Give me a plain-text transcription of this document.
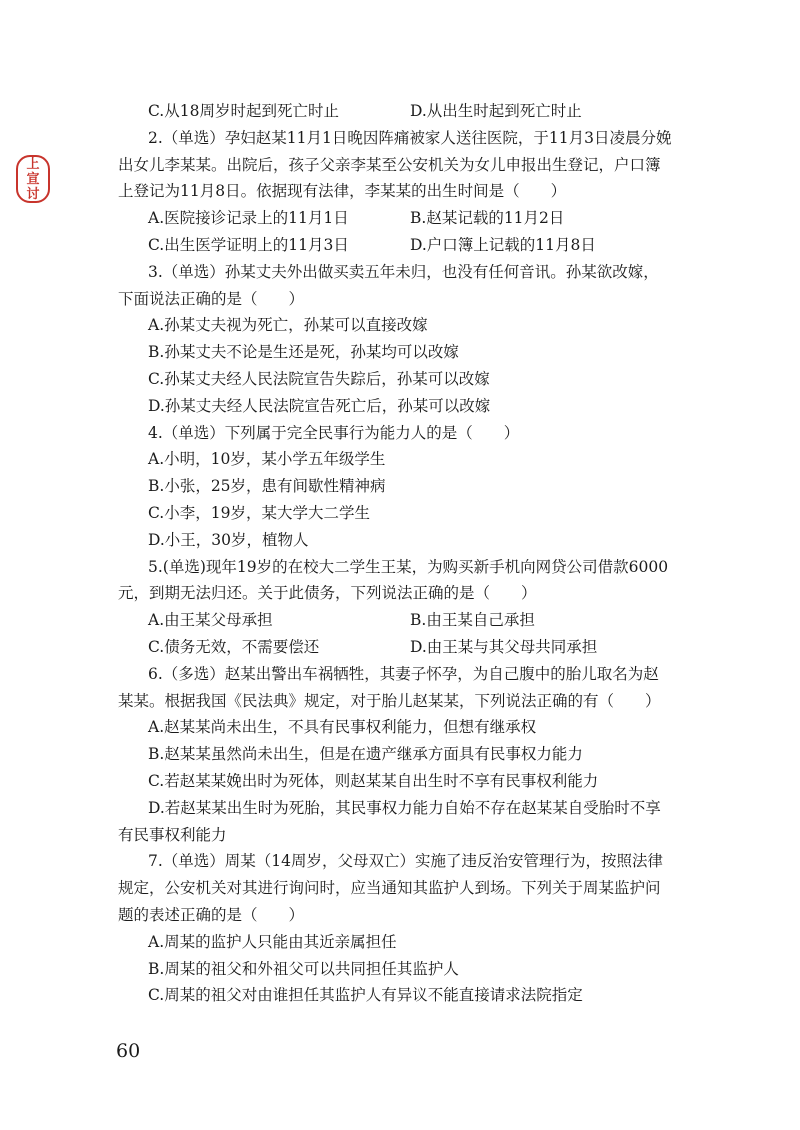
上
宣
讨
C.从18周岁时起到死亡时止	D.从出生时起到死亡时止
2.（单选）孕妇赵某11月1日晚因阵痛被家人送往医院，于11月3日凌晨分娩
出女儿李某某。出院后，孩子父亲李某至公安机关为女儿申报出生登记，户口簿
上登记为11月8日。依据现有法律，李某某的出生时间是（　　）
A.医院接诊记录上的11月1日	B.赵某记载的11月2日
C.出生医学证明上的11月3日	D.户口簿上记载的11月8日
3.（单选）孙某丈夫外出做买卖五年未归，也没有任何音讯。孙某欲改嫁，
下面说法正确的是（　　）
A.孙某丈夫视为死亡，孙某可以直接改嫁
B.孙某丈夫不论是生还是死，孙某均可以改嫁
C.孙某丈夫经人民法院宣告失踪后，孙某可以改嫁
D.孙某丈夫经人民法院宣告死亡后，孙某可以改嫁
4.（单选）下列属于完全民事行为能力人的是（　　）
A.小明，10岁，某小学五年级学生
B.小张，25岁，患有间歇性精神病
C.小李，19岁，某大学大二学生
D.小王，30岁，植物人
5.(单选)现年19岁的在校大二学生王某，为购买新手机向网贷公司借款6000
元，到期无法归还。关于此债务，下列说法正确的是（　　）
A.由王某父母承担	B.由王某自己承担
C.债务无效，不需要偿还	D.由王某与其父母共同承担
6.（多选）赵某出警出车祸牺牲，其妻子怀孕，为自己腹中的胎儿取名为赵
某某。根据我国《民法典》规定，对于胎儿赵某某，下列说法正确的有（　　）
A.赵某某尚未出生，不具有民事权利能力，但想有继承权
B.赵某某虽然尚未出生，但是在遗产继承方面具有民事权力能力
C.若赵某某娩出时为死体，则赵某某自出生时不享有民事权利能力
D.若赵某某出生时为死胎，其民事权力能力自始不存在赵某某自受胎时不享
有民事权利能力
7.（单选）周某（14周岁，父母双亡）实施了违反治安管理行为，按照法律
规定，公安机关对其进行询问时，应当通知其监护人到场。下列关于周某监护问
题的表述正确的是（　　）
A.周某的监护人只能由其近亲属担任
B.周某的祖父和外祖父可以共同担任其监护人
C.周某的祖父对由谁担任其监护人有异议不能直接请求法院指定
60
